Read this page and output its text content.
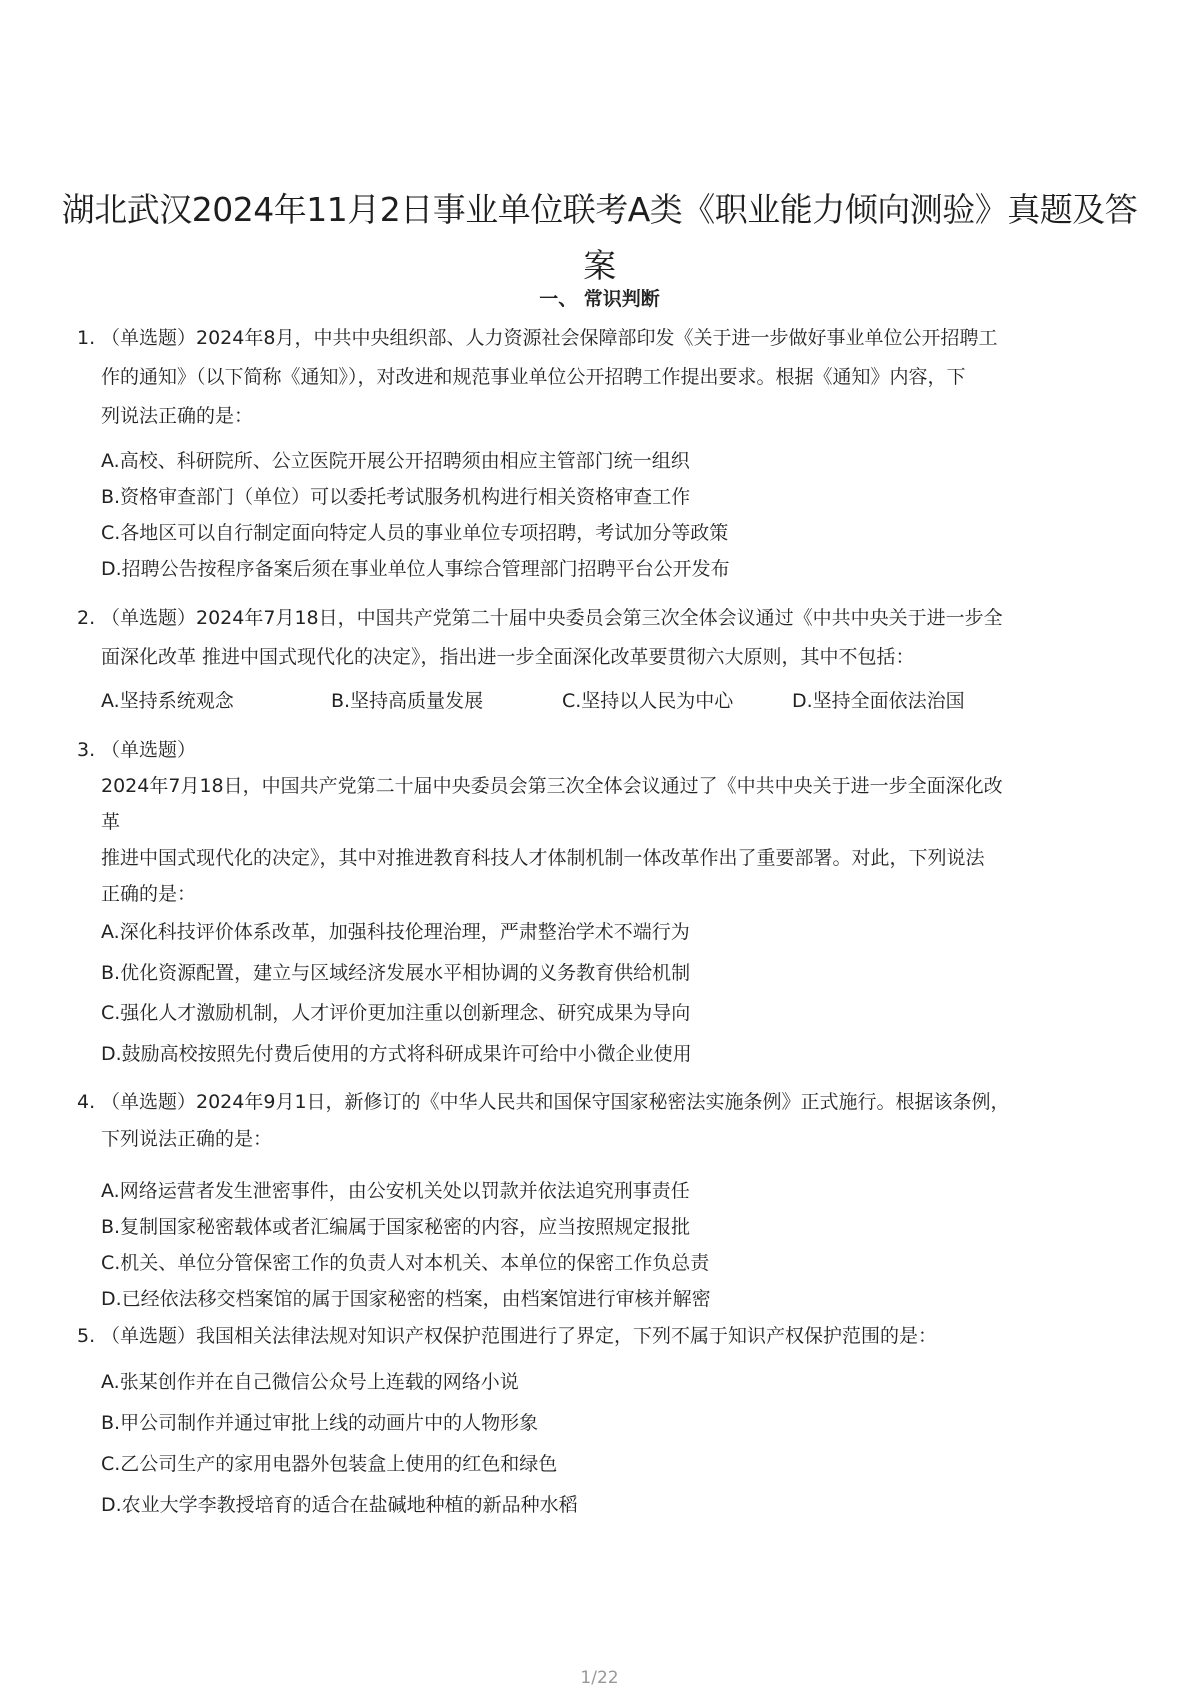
湖北武汉2024年11月2日事业单位联考A类《职业能力倾向测验》真题及答
案
一、 常识判断
1. （单选题）2024年8月，中共中央组织部、人力资源社会保障部印发《关于进一步做好事业单位公开招聘工
作的通知》（以下简称《通知》），对改进和规范事业单位公开招聘工作提出要求。根据《通知》内容，下
列说法正确的是：
A.高校、科研院所、公立医院开展公开招聘须由相应主管部门统一组织
B.资格审查部门（单位）可以委托考试服务机构进行相关资格审查工作
C.各地区可以自行制定面向特定人员的事业单位专项招聘，考试加分等政策
D.招聘公告按程序备案后须在事业单位人事综合管理部门招聘平台公开发布
2. （单选题）2024年7月18日，中国共产党第二十届中央委员会第三次全体会议通过《中共中央关于进一步全
面深化改革 推进中国式现代化的决定》，指出进一步全面深化改革要贯彻六大原则，其中不包括：
A.坚持系统观念	B.坚持高质量发展	C.坚持以人民为中心	D.坚持全面依法治国
3. （单选题）
2024年7月18日，中国共产党第二十届中央委员会第三次全体会议通过了《中共中央关于进一步全面深化改
革
推进中国式现代化的决定》，其中对推进教育科技人才体制机制一体改革作出了重要部署。对此，下列说法
正确的是：
A.深化科技评价体系改革，加强科技伦理治理，严肃整治学术不端行为
B.优化资源配置，建立与区域经济发展水平相协调的义务教育供给机制
C.强化人才激励机制，人才评价更加注重以创新理念、研究成果为导向
D.鼓励高校按照先付费后使用的方式将科研成果许可给中小微企业使用
4. （单选题）2024年9月1日，新修订的《中华人民共和国保守国家秘密法实施条例》正式施行。根据该条例，
下列说法正确的是：
A.网络运营者发生泄密事件，由公安机关处以罚款并依法追究刑事责任
B.复制国家秘密载体或者汇编属于国家秘密的内容，应当按照规定报批
C.机关、单位分管保密工作的负责人对本机关、本单位的保密工作负总责
D.已经依法移交档案馆的属于国家秘密的档案，由档案馆进行审核并解密
5. （单选题）我国相关法律法规对知识产权保护范围进行了界定，下列不属于知识产权保护范围的是：
A.张某创作并在自己微信公众号上连载的网络小说
B.甲公司制作并通过审批上线的动画片中的人物形象
C.乙公司生产的家用电器外包装盒上使用的红色和绿色
D.农业大学李教授培育的适合在盐碱地种植的新品种水稻
1/22
